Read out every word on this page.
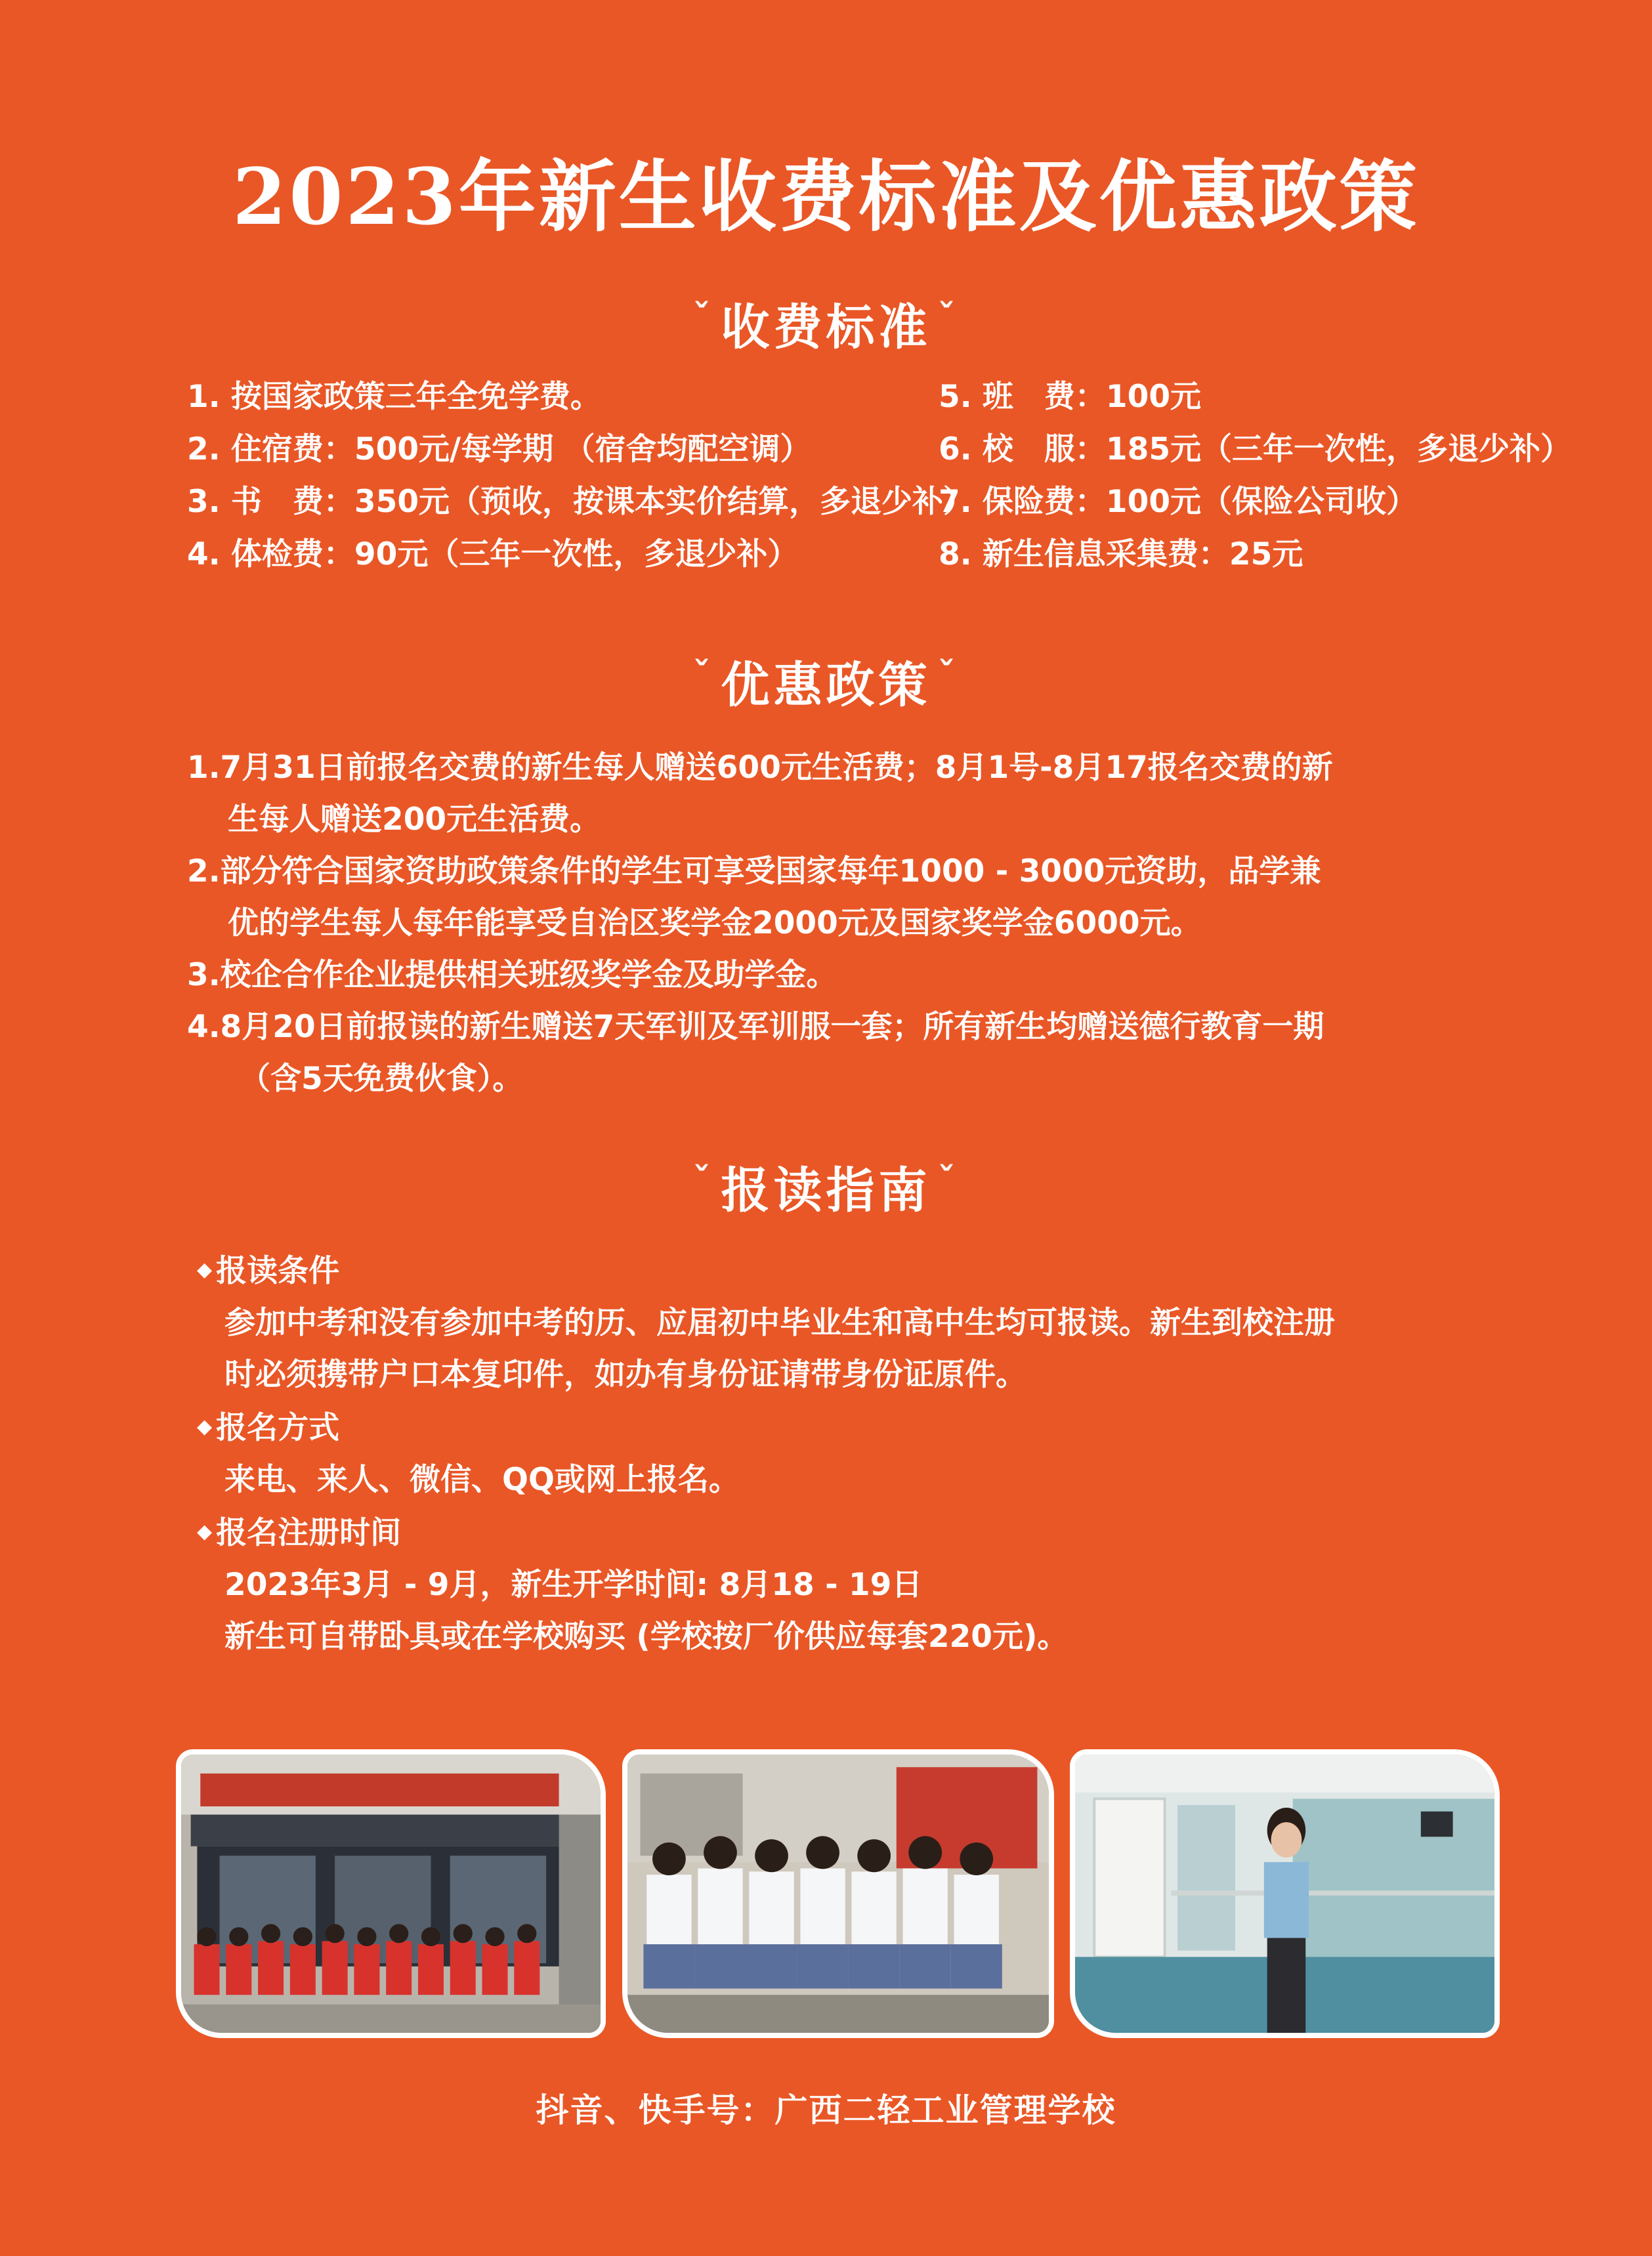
2023年新生收费标准及优惠政策
$^ˇ$ 收费标准 $^ˇ$
1. 按国家政策三年全免学费。
2. 住宿费：500元/每学期 （宿舍均配空调）
3. 书　费：350元（预收，按课本实价结算，多退少补）
4. 体检费：90元（三年一次性，多退少补）
5. 班　费：100元
6. 校　服：185元（三年一次性，多退少补）
7. 保险费：100元（保险公司收）
8. 新生信息采集费：25元
$^ˇ$ 优惠政策 $^ˇ$
1.7月31日前报名交费的新生每人赠送600元生活费；8月1号-8月17报名交费的新
生每人赠送200元生活费。
2.部分符合国家资助政策条件的学生可享受国家每年1000 - 3000元资助，品学兼
优的学生每人每年能享受自治区奖学金2000元及国家奖学金6000元。
3.校企合作企业提供相关班级奖学金及助学金。
4.8月20日前报读的新生赠送7天军训及军训服一套；所有新生均赠送德行教育一期
（含5天免费伙食）。
$^ˇ$ 报读指南 $^ˇ$
◆ 报读条件
参加中考和没有参加中考的历、应届初中毕业生和高中生均可报读。新生到校注册
时必须携带户口本复印件，如办有身份证请带身份证原件。
◆ 报名方式
来电、来人、微信、QQ或网上报名。
◆ 报名注册时间
2023年3月 - 9月，新生开学时间: 8月18 - 19日
新生可自带卧具或在学校购买 (学校按厂价供应每套220元)。
抖音、快手号：广西二轻工业管理学校
